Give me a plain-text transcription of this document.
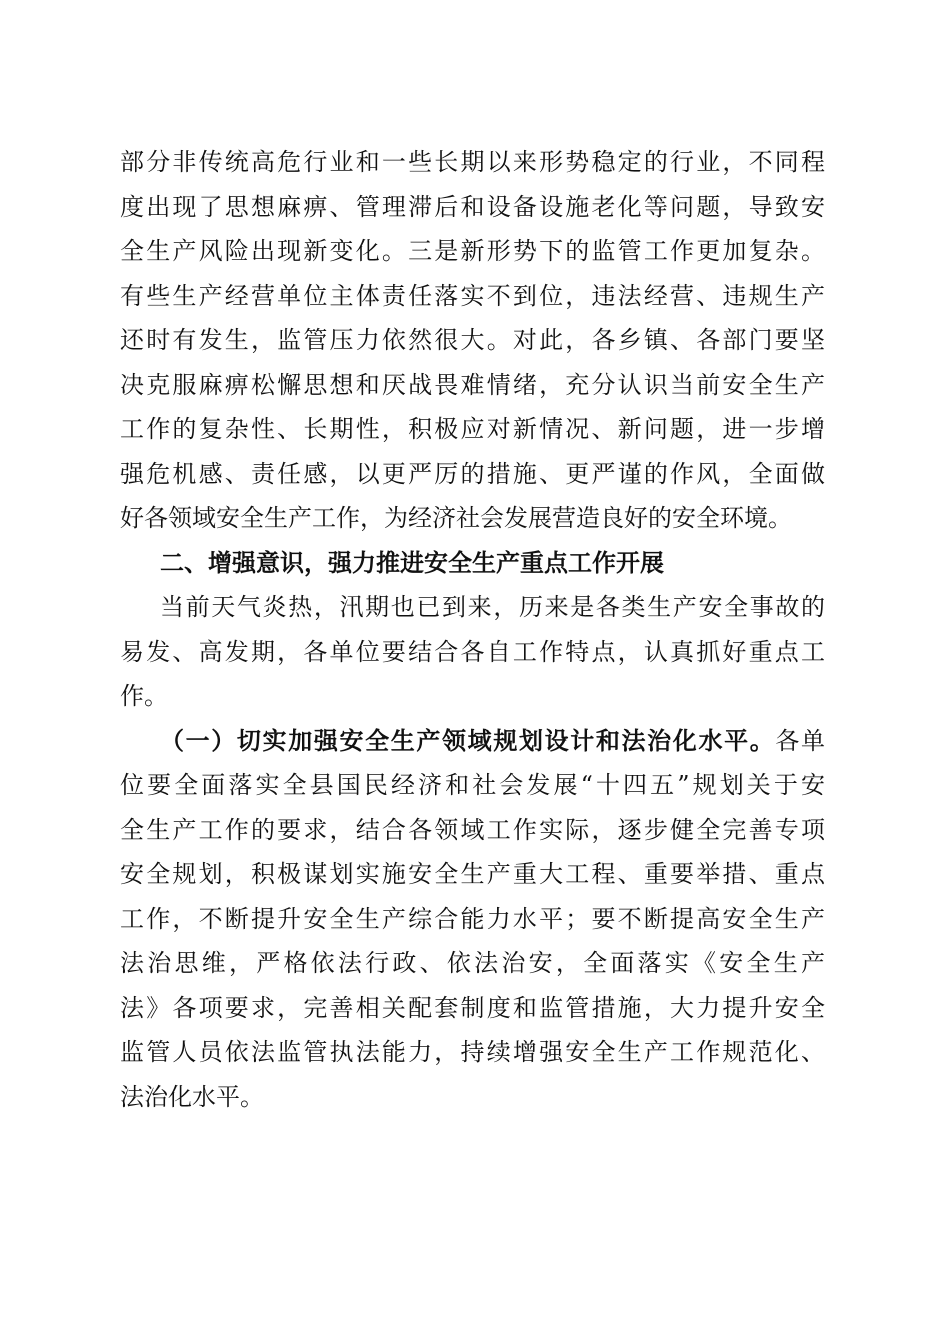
部分非传统高危行业和一些长期以来形势稳定的行业，不同程
度出现了思想麻痹、管理滞后和设备设施老化等问题，导致安
全生产风险出现新变化。三是新形势下的监管工作更加复杂。
有些生产经营单位主体责任落实不到位，违法经营、违规生产
还时有发生，监管压力依然很大。对此，各乡镇、各部门要坚
决克服麻痹松懈思想和厌战畏难情绪，充分认识当前安全生产
工作的复杂性、长期性，积极应对新情况、新问题，进一步增
强危机感、责任感，以更严厉的措施、更严谨的作风，全面做
好各领域安全生产工作，为经济社会发展营造良好的安全环境。
二、增强意识，强力推进安全生产重点工作开展
当前天气炎热，汛期也已到来，历来是各类生产安全事故的
易发、高发期，各单位要结合各自工作特点，认真抓好重点工
作。
（一）切实加强安全生产领域规划设计和法治化水平。各单
位要全面落实全县国民经济和社会发展“十四五”规划关于安
全生产工作的要求，结合各领域工作实际，逐步健全完善专项
安全规划，积极谋划实施安全生产重大工程、重要举措、重点
工作，不断提升安全生产综合能力水平；要不断提高安全生产
法治思维，严格依法行政、依法治安，全面落实《安全生产
法》各项要求，完善相关配套制度和监管措施，大力提升安全
监管人员依法监管执法能力，持续增强安全生产工作规范化、
法治化水平。
